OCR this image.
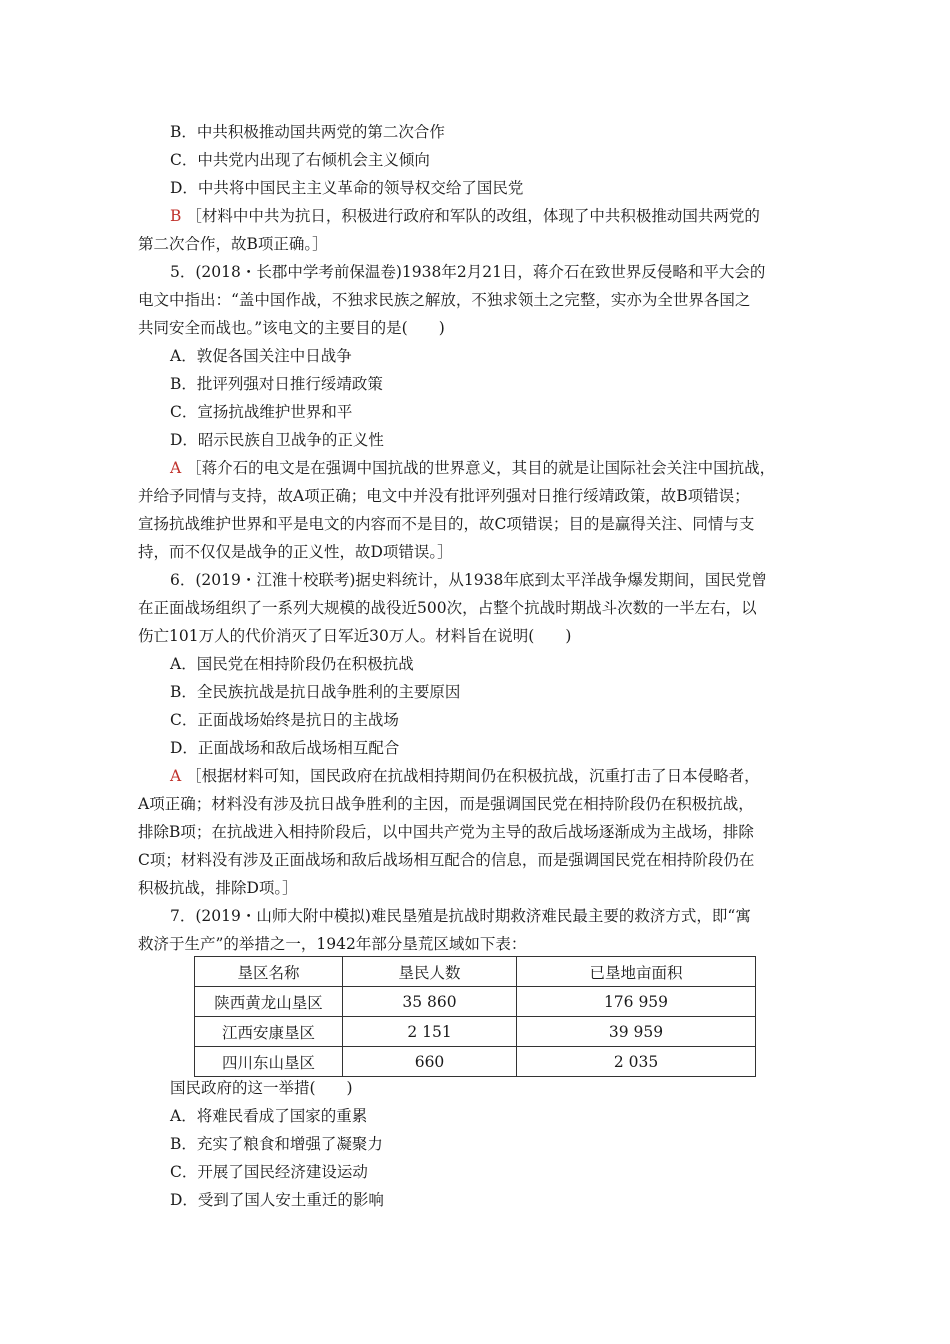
B．中共积极推动国共两党的第二次合作
C．中共党内出现了右倾机会主义倾向
D．中共将中国民主主义革命的领导权交给了国民党
B ［材料中中共为抗日，积极进行政府和军队的改组，体现了中共积极推动国共两党的
第二次合作，故B项正确。］
5．(2018・长郡中学考前保温卷)1938年2月21日，蒋介石在致世界反侵略和平大会的
电文中指出：“盖中国作战，不独求民族之解放，不独求领土之完整，实亦为全世界各国之
共同安全而战也。”该电文的主要目的是(　　)
A．敦促各国关注中日战争
B．批评列强对日推行绥靖政策
C．宣扬抗战维护世界和平
D．昭示民族自卫战争的正义性
A ［蒋介石的电文是在强调中国抗战的世界意义，其目的就是让国际社会关注中国抗战，
并给予同情与支持，故A项正确；电文中并没有批评列强对日推行绥靖政策，故B项错误；
宣扬抗战维护世界和平是电文的内容而不是目的，故C项错误；目的是赢得关注、同情与支
持，而不仅仅是战争的正义性，故D项错误。］
6．(2019・江淮十校联考)据史料统计，从1938年底到太平洋战争爆发期间，国民党曾
在正面战场组织了一系列大规模的战役近500次，占整个抗战时期战斗次数的一半左右，以
伤亡101万人的代价消灭了日军近30万人。材料旨在说明(　　)
A．国民党在相持阶段仍在积极抗战
B．全民族抗战是抗日战争胜利的主要原因
C．正面战场始终是抗日的主战场
D．正面战场和敌后战场相互配合
A ［根据材料可知，国民政府在抗战相持期间仍在积极抗战，沉重打击了日本侵略者，
A项正确；材料没有涉及抗日战争胜利的主因，而是强调国民党在相持阶段仍在积极抗战，
排除B项；在抗战进入相持阶段后，以中国共产党为主导的敌后战场逐渐成为主战场，排除
C项；材料没有涉及正面战场和敌后战场相互配合的信息，而是强调国民党在相持阶段仍在
积极抗战，排除D项。］
7．(2019・山师大附中模拟)难民垦殖是抗战时期救济难民最主要的救济方式，即“寓
救济于生产”的举措之一，1942年部分垦荒区域如下表：
垦区名称	垦民人数	已垦地亩面积
陕西黄龙山垦区	35 860	176 959
江西安康垦区	2 151	39 959
四川东山垦区	660	2 035
国民政府的这一举措(　　)
A．将难民看成了国家的重累
B．充实了粮食和增强了凝聚力
C．开展了国民经济建设运动
D．受到了国人安土重迁的影响
